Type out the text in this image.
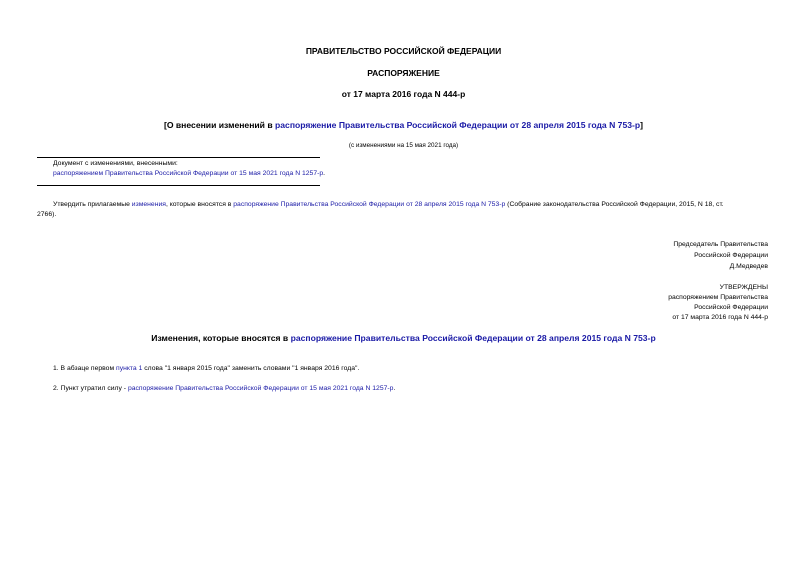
ПРАВИТЕЛЬСТВО РОССИЙСКОЙ ФЕДЕРАЦИИ
РАСПОРЯЖЕНИЕ
от 17 марта 2016 года N 444-р
[О внесении изменений в распоряжение Правительства Российской Федерации от 28 апреля 2015 года N 753-р]
(с изменениями на 15 мая 2021 года)
Документ с изменениями, внесенными:
распоряжением Правительства Российской Федерации от 15 мая 2021 года N 1257-р.
Утвердить прилагаемые изменения, которые вносятся в распоряжение Правительства Российской Федерации от 28 апреля 2015 года N 753-р (Собрание законодательства Российской Федерации, 2015, N 18, ст.
2766).
Председатель Правительства
Российской Федерации
Д.Медведев
УТВЕРЖДЕНЫ
распоряжением Правительства
Российской Федерации
от 17 марта 2016 года N 444-р
Изменения, которые вносятся в распоряжение Правительства Российской Федерации от 28 апреля 2015 года N 753-р
1. В абзаце первом пункта 1 слова "1 января 2015 года" заменить словами "1 января 2016 года".
2. Пункт утратил силу - распоряжение Правительства Российской Федерации от 15 мая 2021 года N 1257-р.
